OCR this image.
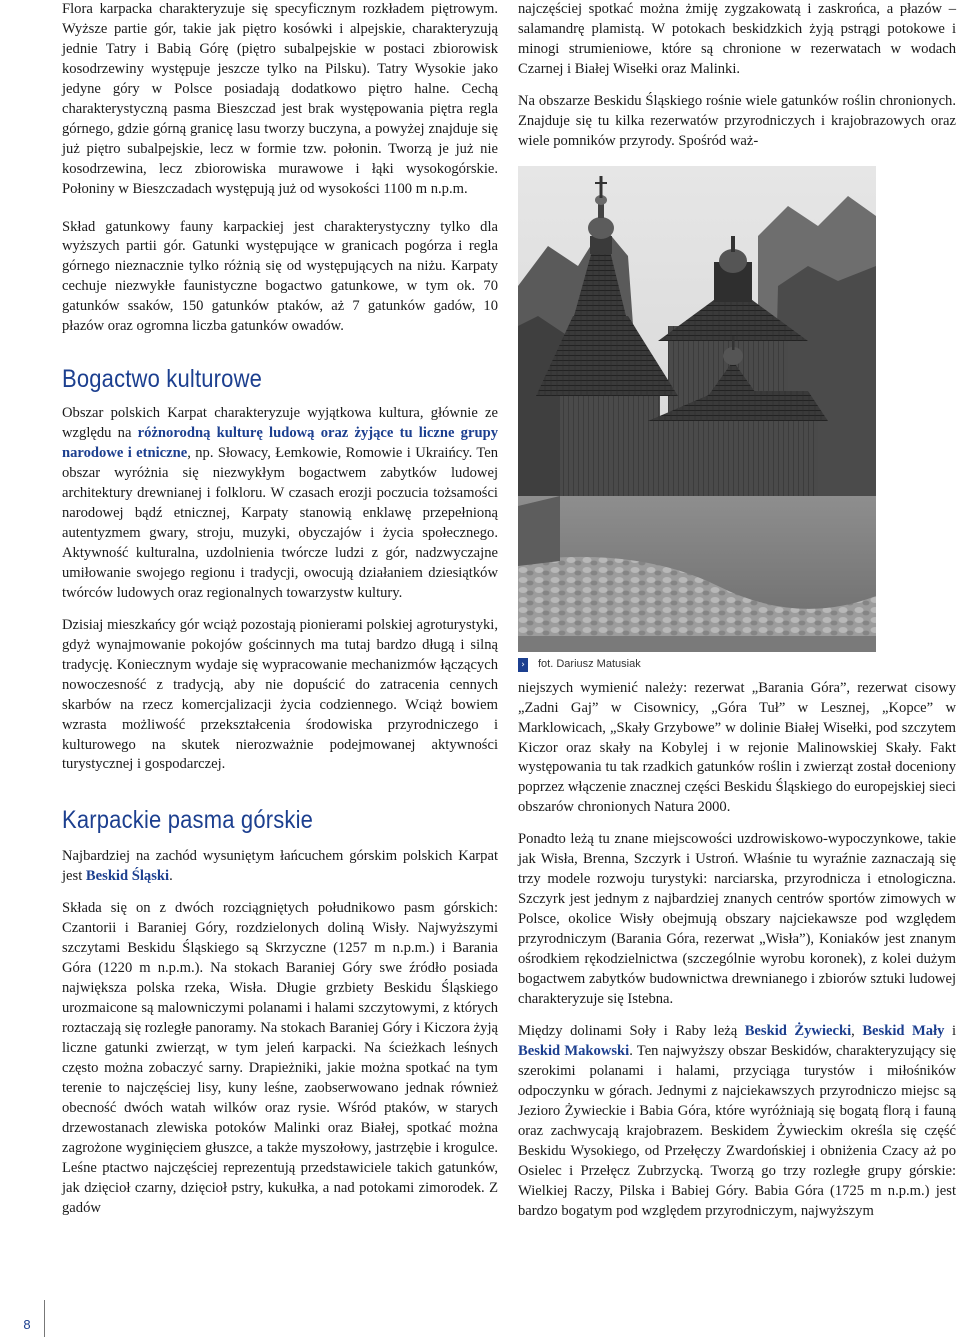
Flora karpacka charakteryzuje się specyficznym rozkładem piętrowym. Wyższe partie gór, takie jak piętro kosówki i alpejskie, charakteryzują jednie Tatry i Babią Górę (piętro subalpejskie w postaci zbiorowisk kosodrzewiny występuje jeszcze tylko na Pilsku). Tatry Wysokie jako jedyne góry w Polsce posiadają dodatkowo piętro halne. Cechą charakterystyczną pasma Bieszczad jest brak występowania piętra regla górnego, gdzie górną granicę lasu tworzy buczyna, a powyżej znajduje się już piętro subalpejskie, lecz w formie tzw. połonin. Tworzą je już nie kosodrzewina, lecz zbiorowiska murawowe i łąki wysokogórskie. Połoniny w Bieszczadach występują już od wysokości 1100 m n.p.m.

Skład gatunkowy fauny karpackiej jest charakterystyczny tylko dla wyższych partii gór. Gatunki występujące w granicach pogórza i regla górnego nieznacznie tylko różnią się od występujących na niżu. Karpaty cechuje niezwykłe faunistyczne bogactwo gatunkowe, w tym ok. 70 gatunków ssaków, 150 gatunków ptaków, aż 7 gatunków gadów, 10 płazów oraz ogromna liczba gatunków owadów.

Bogactwo kulturowe

Obszar polskich Karpat charakteryzuje wyjątkowa kultura, głównie ze względu na różnorodną kulturę ludową oraz żyjące tu liczne grupy narodowe i etniczne, np. Słowacy, Łemkowie, Romowie i Ukraińcy. Ten obszar wyróżnia się niezwykłym bogactwem zabytków ludowej architektury drewnianej i folkloru. W czasach erozji poczucia tożsamości narodowej bądź etnicznej, Karpaty stanowią enklawę przepełnioną autentyzmem gwary, stroju, muzyki, obyczajów i życia społecznego. Aktywność kulturalna, uzdolnienia twórcze ludzi z gór, nadzwyczajne umiłowanie swojego regionu i tradycji, owocują działaniem dziesiątków twórców ludowych oraz regionalnych towarzystw kultury.

Dzisiaj mieszkańcy gór wciąż pozostają pionierami polskiej agroturystyki, gdyż wynajmowanie pokojów gościnnych ma tutaj bardzo długą i silną tradycję. Koniecznym wydaje się wypracowanie mechanizmów łączących nowoczesność z tradycją, aby nie dopuścić do zatracenia cennych skarbów na rzecz komercjalizacji życia codziennego. Wciąż bowiem wzrasta możliwość przekształcenia środowiska przyrodniczego i kulturowego na skutek nierozważnie podejmowanej aktywności turystycznej i gospodarczej.

Karpackie pasma górskie

Najbardziej na zachód wysuniętym łańcuchem górskim polskich Karpat jest Beskid Śląski.

Składa się on z dwóch rozciągniętych południkowo pasm górskich: Czantorii i Baraniej Góry, rozdzielonych doliną Wisły. Najwyższymi szczytami Beskidu Śląskiego są Skrzyczne (1257 m n.p.m.) i Barania Góra (1220 m n.p.m.). Na stokach Baraniej Góry swe źródło posiada największa polska rzeka, Wisła. Długie grzbiety Beskidu Śląskiego urozmaicone są malowniczymi polanami i halami szczytowymi, z których roztaczają się rozległe panoramy. Na stokach Baraniej Góry i Kiczora żyją liczne gatunki zwierząt, w tym jeleń karpacki. Na ścieżkach leśnych często można zobaczyć sarny. Drapieżniki, jakie można spotkać na tym terenie to najczęściej lisy, kuny leśne, zaobserwowano jednak również obecność dwóch watah wilków oraz rysie. Wśród ptaków, w starych drzewostanach zlewiska potoków Malinki oraz Białej, spotkać można zagrożone wyginięciem głuszce, a także myszołowy, jastrzębie i krogulce. Leśne ptactwo najczęściej reprezentują przedstawiciele takich gatunków, jak dzięcioł czarny, dzięcioł pstry, kukułka, a nad potokami zimorodek. Z gadów

najczęściej spotkać można żmiję zygzakowatą i zaskrońca, a płazów – salamandrę plamistą. W potokach beskidzkich żyją pstrągi potokowe i minogi strumieniowe, które są chronione w rezerwatach w wodach Czarnej i Białej Wisełki oraz Malinki.

Na obszarze Beskidu Śląskiego rośnie wiele gatunków roślin chronionych. Znajduje się tu kilka rezerwatów przyrodniczych i krajobrazowych oraz wiele pomników przyrody. Spośród waż-

› fot. Dariusz Matusiak

niejszych wymienić należy: rezerwat „Barania Góra”, rezerwat cisowy „Zadni Gaj” w Cisownicy, „Góra Tuł” w Lesznej, „Kopce” w Marklowicach, „Skały Grzybowe” w dolinie Białej Wisełki, pod szczytem Kiczor oraz skały na Kobylej i w rejonie Malinowskiej Skały. Fakt występowania tu tak rzadkich gatunków roślin i zwierząt został doceniony poprzez włączenie znacznej części Beskidu Śląskiego do europejskiej sieci obszarów chronionych Natura 2000.

Ponadto leżą tu znane miejscowości uzdrowiskowo-wypoczynkowe, takie jak Wisła, Brenna, Szczyrk i Ustroń. Właśnie tu wyraźnie zaznaczają się trzy modele rozwoju turystyki: narciarska, przyrodnicza i etnologiczna. Szczyrk jest jednym z najbardziej znanych centrów sportów zimowych w Polsce, okolice Wisły obejmują obszary najciekawsze pod względem przyrodniczym (Barania Góra, rezerwat „Wisła”), Koniaków jest znanym ośrodkiem rękodzielnictwa (szczególnie wyrobu koronek), z kolei dużym bogactwem zabytków budownictwa drewnianego i zbiorów sztuki ludowej charakteryzuje się Istebna.

Między dolinami Soły i Raby leżą Beskid Żywiecki, Beskid Mały i Beskid Makowski. Ten najwyższy obszar Beskidów, charakteryzujący się szerokimi polanami i halami, przyciąga turystów i miłośników odpoczynku w górach. Jednymi z najciekawszych przyrodniczo miejsc są Jezioro Żywieckie i Babia Góra, które wyróżniają się bogatą florą i fauną oraz zachwycają krajobrazem. Beskidem Żywieckim określa się część Beskidu Wysokiego, od Przełęczy Zwardońskiej i obniżenia Czacy aż po Osielec i Przełęcz Zubrzycką. Tworzą go trzy rozległe grupy górskie: Wielkiej Raczy, Pilska i Babiej Góry. Babia Góra (1725 m n.p.m.) jest bardzo bogatym pod względem przyrodniczym, najwyższym

8
